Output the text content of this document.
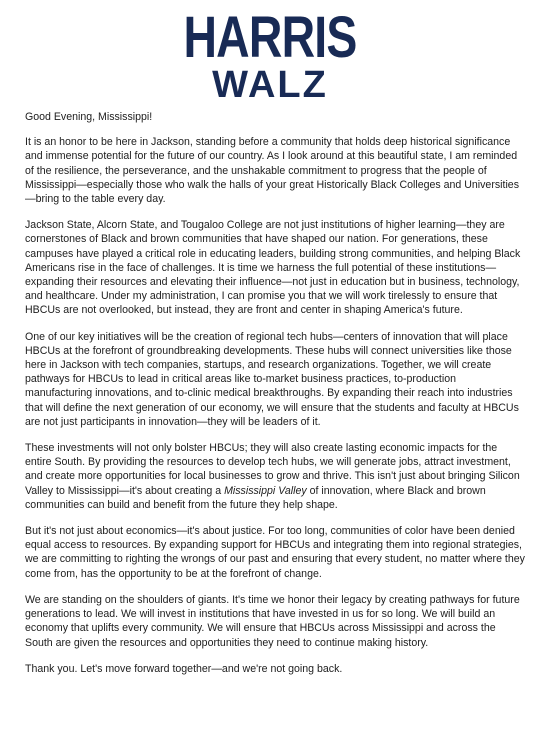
HARRIS
WALZ

Good Evening, Mississippi!

It is an honor to be here in Jackson, standing before a community that holds deep historical significance and immense potential for the future of our country. As I look around at this beautiful state, I am reminded of the resilience, the perseverance, and the unshakable commitment to progress that the people of Mississippi—especially those who walk the halls of your great Historically Black Colleges and Universities—bring to the table every day.

Jackson State, Alcorn State, and Tougaloo College are not just institutions of higher learning—they are cornerstones of Black and brown communities that have shaped our nation. For generations, these campuses have played a critical role in educating leaders, building strong communities, and helping Black Americans rise in the face of challenges. It is time we harness the full potential of these institutions—expanding their resources and elevating their influence—not just in education but in business, technology, and healthcare. Under my administration, I can promise you that we will work tirelessly to ensure that HBCUs are not overlooked, but instead, they are front and center in shaping America's future.

One of our key initiatives will be the creation of regional tech hubs—centers of innovation that will place HBCUs at the forefront of groundbreaking developments. These hubs will connect universities like those here in Jackson with tech companies, startups, and research organizations. Together, we will create pathways for HBCUs to lead in critical areas like to-market business practices, to-production manufacturing innovations, and to-clinic medical breakthroughs. By expanding their reach into industries that will define the next generation of our economy, we will ensure that the students and faculty at HBCUs are not just participants in innovation—they will be leaders of it.

These investments will not only bolster HBCUs; they will also create lasting economic impacts for the entire South. By providing the resources to develop tech hubs, we will generate jobs, attract investment, and create more opportunities for local businesses to grow and thrive. This isn't just about bringing Silicon Valley to Mississippi—it's about creating a Mississippi Valley of innovation, where Black and brown communities can build and benefit from the future they help shape.

But it's not just about economics—it's about justice. For too long, communities of color have been denied equal access to resources. By expanding support for HBCUs and integrating them into regional strategies, we are committing to righting the wrongs of our past and ensuring that every student, no matter where they come from, has the opportunity to be at the forefront of change.

We are standing on the shoulders of giants. It's time we honor their legacy by creating pathways for future generations to lead. We will invest in institutions that have invested in us for so long. We will build an economy that uplifts every community. We will ensure that HBCUs across Mississippi and across the South are given the resources and opportunities they need to continue making history.

Thank you. Let's move forward together—and we're not going back.
